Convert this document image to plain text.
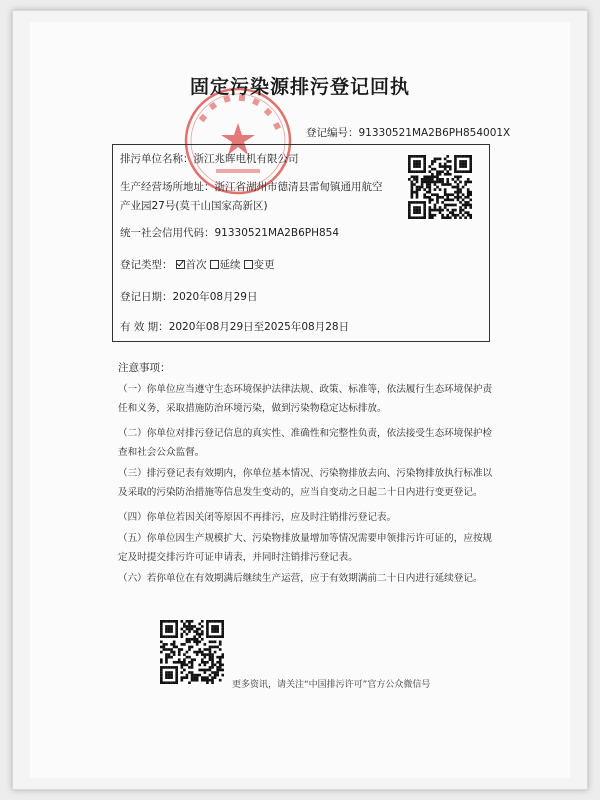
固定污染源排污登记回执
登记编号：91330521MA2B6PH854001X
排污单位名称：浙江兆晖电机有限公司
生产经营场所地址：浙江省湖州市德清县雷甸镇通用航空
产业园27号(莫干山国家高新区)
统一社会信用代码：91330521MA2B6PH854
登记类型： 首次 延续 变更
登记日期：2020年08月29日
有 效 期：2020年08月29日至2025年08月28日
注意事项：
（一）你单位应当遵守生态环境保护法律法规、政策、标准等，依法履行生态环境保护责
任和义务，采取措施防治环境污染，做到污染物稳定达标排放。
（二）你单位对排污登记信息的真实性、准确性和完整性负责，依法接受生态环境保护检
查和社会公众监督。
（三）排污登记表有效期内，你单位基本情况、污染物排放去向、污染物排放执行标准以
及采取的污染防治措施等信息发生变动的，应当自变动之日起二十日内进行变更登记。
（四）你单位若因关闭等原因不再排污，应及时注销排污登记表。
（五）你单位因生产规模扩大、污染物排放量增加等情况需要申领排污许可证的，应按规
定及时提交排污许可证申请表，并同时注销排污登记表。
（六）若你单位在有效期满后继续生产运营，应于有效期满前二十日内进行延续登记。
更多资讯，请关注“中国排污许可”官方公众微信号
